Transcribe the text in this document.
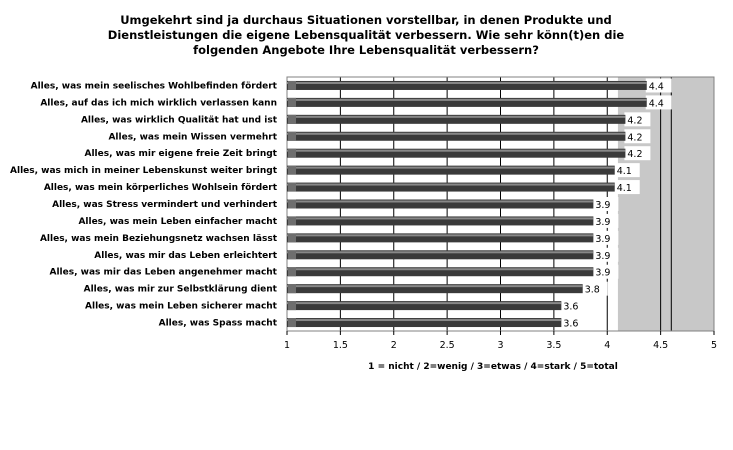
Umgekehrt sind ja durchaus Situationen vorstellbar, in denen Produkte und
Dienstleistungen die eigene Lebensqualität verbessern. Wie sehr könn(t)en die
folgenden Angebote Ihre Lebensqualität verbessern?
4.4
Alles, was mein seelisches Wohlbefinden fördert
4.4
Alles, auf das ich mich wirklich verlassen kann
4.2
Alles, was wirklich Qualität hat und ist
4.2
Alles, was mein Wissen vermehrt
4.2
Alles, was mir eigene freie Zeit bringt
4.1
Alles, was mich in meiner Lebenskunst weiter bringt
4.1
Alles, was mein körperliches Wohlsein fördert
3.9
Alles, was Stress vermindert und verhindert
3.9
Alles, was mein Leben einfacher macht
3.9
Alles, was mein Beziehungsnetz wachsen lässt
3.9
Alles, was mir das Leben erleichtert
3.9
Alles, was mir das Leben angenehmer macht
3.8
Alles, was mir zur Selbstklärung dient
3.6
Alles, was mein Leben sicherer macht
3.6
Alles, was Spass macht
1	1.5	2	2.5	3	3.5	4	4.5	5
1 = nicht / 2=wenig / 3=etwas / 4=stark / 5=total
